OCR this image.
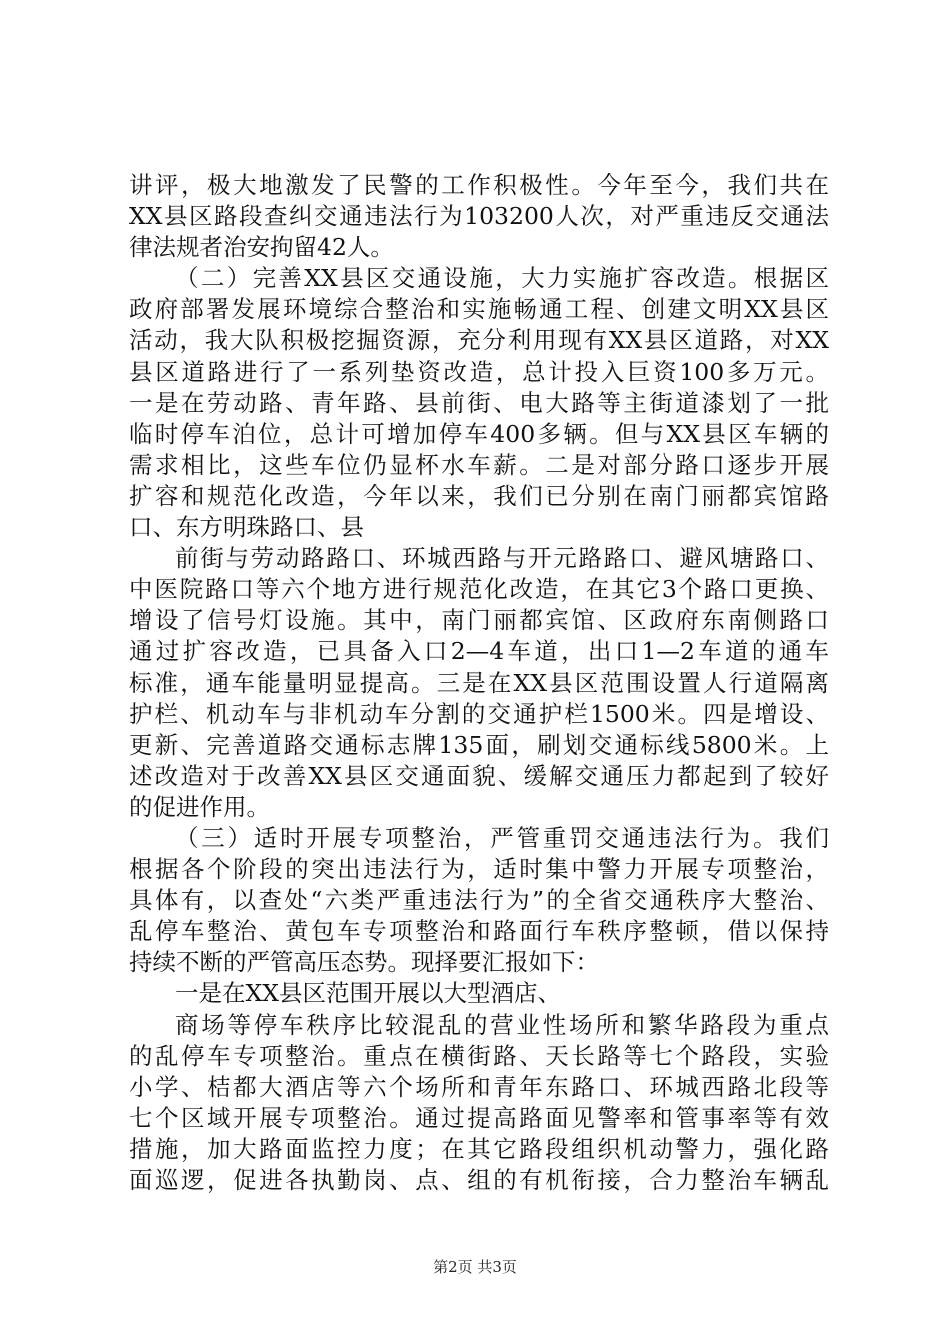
讲评，极大地激发了民警的工作积极性。今年至今，我们共在
XX县区路段查纠交通违法行为103200人次，对严重违反交通法
律法规者治安拘留42人。
（二）完善XX县区交通设施，大力实施扩容改造。根据区
政府部署发展环境综合整治和实施畅通工程、创建文明XX县区
活动，我大队积极挖掘资源，充分利用现有XX县区道路，对XX
县区道路进行了一系列垫资改造，总计投入巨资100多万元。
一是在劳动路、青年路、县前街、电大路等主街道漆划了一批
临时停车泊位，总计可增加停车400多辆。但与XX县区车辆的
需求相比，这些车位仍显杯水车薪。二是对部分路口逐步开展
扩容和规范化改造，今年以来，我们已分别在南门丽都宾馆路
口、东方明珠路口、县
前街与劳动路路口、环城西路与开元路路口、避风塘路口、
中医院路口等六个地方进行规范化改造，在其它3个路口更换、
增设了信号灯设施。其中，南门丽都宾馆、区政府东南侧路口
通过扩容改造，已具备入口2—4车道，出口1—2车道的通车
标准，通车能量明显提高。三是在XX县区范围设置人行道隔离
护栏、机动车与非机动车分割的交通护栏1500米。四是增设、
更新、完善道路交通标志牌135面，刷划交通标线5800米。上
述改造对于改善XX县区交通面貌、缓解交通压力都起到了较好
的促进作用。
（三）适时开展专项整治，严管重罚交通违法行为。我们
根据各个阶段的突出违法行为，适时集中警力开展专项整治，
具体有，以查处“六类严重违法行为”的全省交通秩序大整治、
乱停车整治、黄包车专项整治和路面行车秩序整顿，借以保持
持续不断的严管高压态势。现择要汇报如下：
一是在XX县区范围开展以大型酒店、
商场等停车秩序比较混乱的营业性场所和繁华路段为重点
的乱停车专项整治。重点在横街路、天长路等七个路段，实验
小学、桔都大酒店等六个场所和青年东路口、环城西路北段等
七个区域开展专项整治。通过提高路面见警率和管事率等有效
措施，加大路面监控力度；在其它路段组织机动警力，强化路
面巡逻，促进各执勤岗、点、组的有机衔接，合力整治车辆乱
第2页 共3页
